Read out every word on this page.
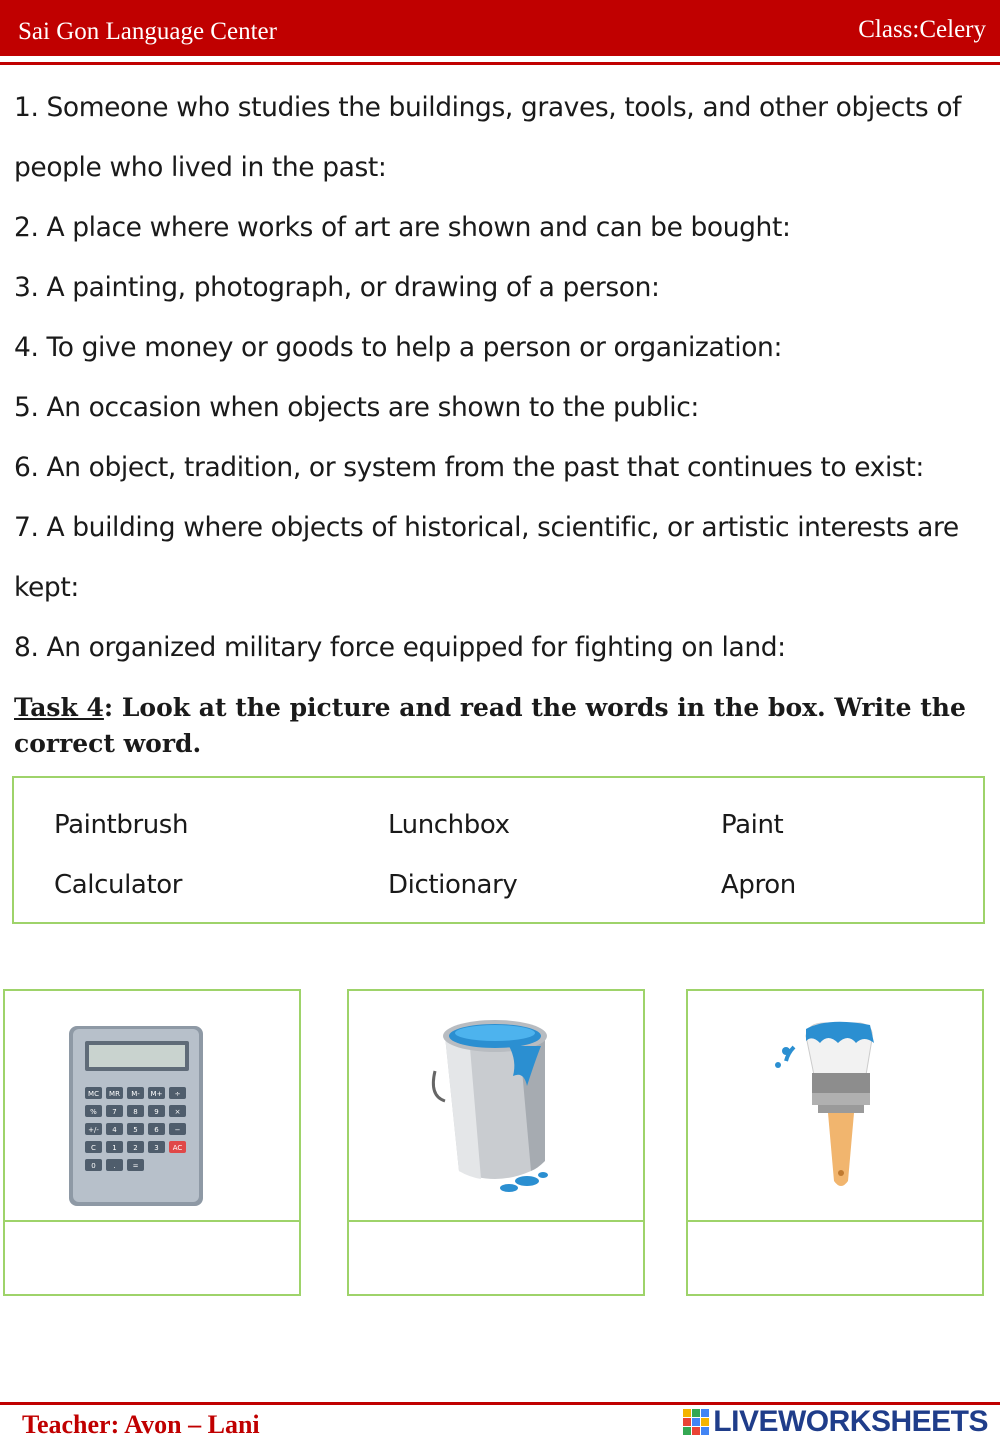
Sai Gon Language Center	Class:Celery
1. Someone who studies the buildings, graves, tools, and other objects of people who lived in the past:
2. A place where works of art are shown and can be bought:
3. A painting, photograph, or drawing of a person:
4. To give money or goods to help a person or organization:
5. An occasion when objects are shown to the public:
6. An object, tradition, or system from the past that continues to exist:
7. A building where objects of historical, scientific, or artistic interests are kept:
8. An organized military force equipped for fighting on land:
Task 4: Look at the picture and read the words in the box. Write the correct word.
Paintbrush	Lunchbox	Paint
Calculator	Dictionary	Apron
MC MR M- M+ ÷
% 7 8 9 ×
+/- 4 5 6 −
C 1 2 3 AC
0	. =
Teacher: Avon – Lani	LIVEWORKSHEETS
